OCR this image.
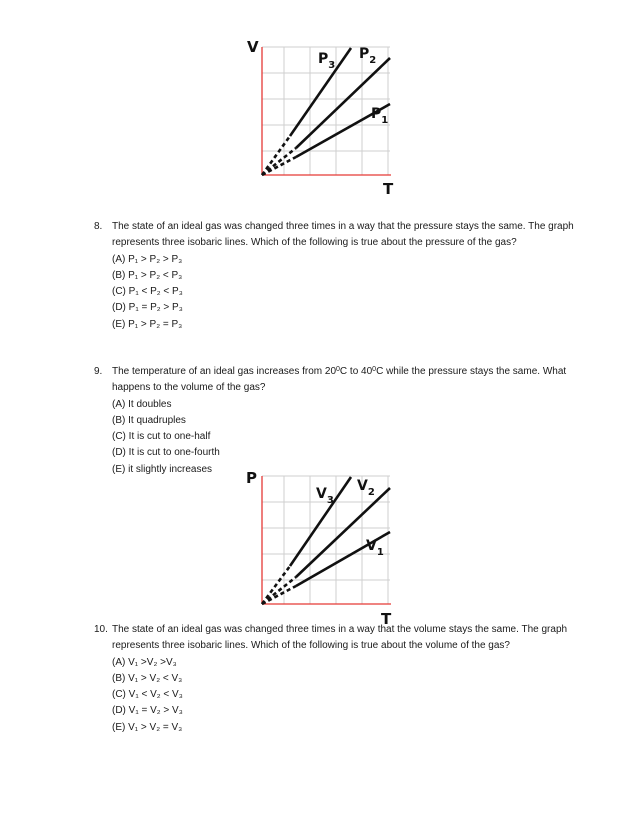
V
T
$P_3$
$P_2$
$P_1$
8. The state of an ideal gas was changed three times in a way that the pressure stays the same. The graph represents three isobaric lines. Which of the following is true about the pressure of the gas?
(A) P₁ > P₂ > P₃
(B) P₁ > P₂ < P₃
(C) P₁ < P₂ < P₃
(D) P₁ = P₂ > P₃
(E) P₁ > P₂ = P₃
9. The temperature of an ideal gas increases from $20^0C$ to $40^0C$ while the pressure stays the same. What happens to the volume of the gas?
(A) It doubles
(B) It quadruples
(C) It is cut to one-half
(D) It is cut to one-fourth
(E) it slightly increases	P
T
$V_3$
$V_2$
$V_1$
10. The state of an ideal gas was changed three times in a way that the volume stays the same. The graph represents three isobaric lines. Which of the following is true about the volume of the gas?
(A) V₁ >V₂ >V₃
(B) V₁ > V₂ < V₃
(C) V₁ < V₂ < V₃
(D) V₁ = V₂ > V₃
(E) V₁ > V₂ = V₃
